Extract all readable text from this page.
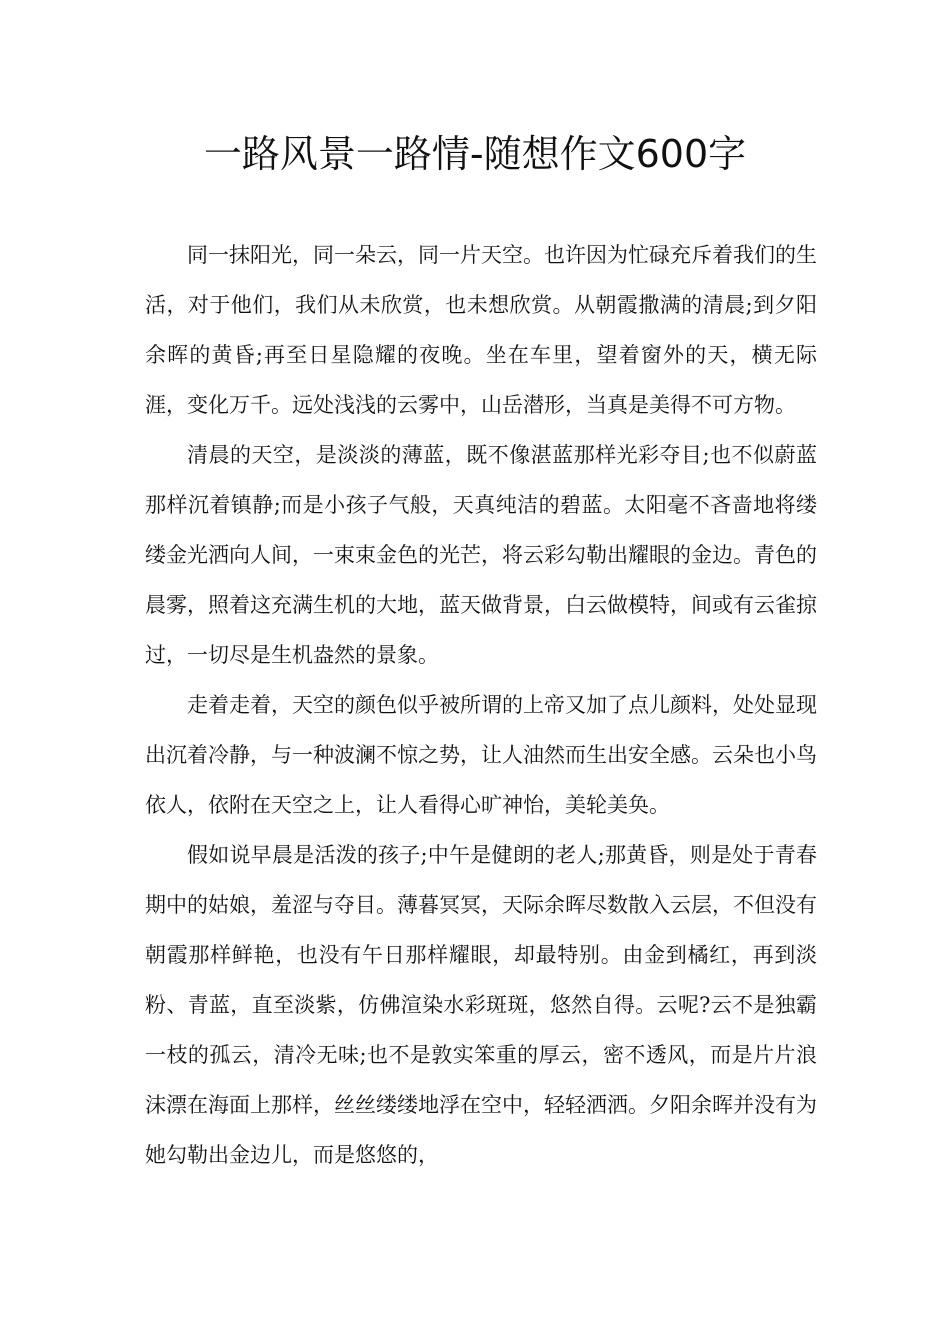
一路风景一路情-随想作文600字

同一抹阳光，同一朵云，同一片天空。也许因为忙碌充斥着我们的生活，对于他们，我们从未欣赏，也未想欣赏。从朝霞撒满的清晨;到夕阳余晖的黄昏;再至日星隐耀的夜晚。坐在车里，望着窗外的天，横无际涯，变化万千。远处浅浅的云雾中，山岳潜形，当真是美得不可方物。

清晨的天空，是淡淡的薄蓝，既不像湛蓝那样光彩夺目;也不似蔚蓝那样沉着镇静;而是小孩子气般，天真纯洁的碧蓝。太阳毫不吝啬地将缕缕金光洒向人间，一束束金色的光芒，将云彩勾勒出耀眼的金边。青色的晨雾，照着这充满生机的大地，蓝天做背景，白云做模特，间或有云雀掠过，一切尽是生机盎然的景象。

走着走着，天空的颜色似乎被所谓的上帝又加了点儿颜料，处处显现出沉着冷静，与一种波澜不惊之势，让人油然而生出安全感。云朵也小鸟依人，依附在天空之上，让人看得心旷神怡，美轮美奂。

假如说早晨是活泼的孩子;中午是健朗的老人;那黄昏，则是处于青春期中的姑娘，羞涩与夺目。薄暮冥冥，天际余晖尽数散入云层，不但没有朝霞那样鲜艳，也没有午日那样耀眼，却最特别。由金到橘红，再到淡粉、青蓝，直至淡紫，仿佛渲染水彩斑斑，悠然自得。云呢?云不是独霸一枝的孤云，清冷无味;也不是敦实笨重的厚云，密不透风，而是片片浪沫漂在海面上那样，丝丝缕缕地浮在空中，轻轻洒洒。夕阳余晖并没有为她勾勒出金边儿，而是悠悠的，
